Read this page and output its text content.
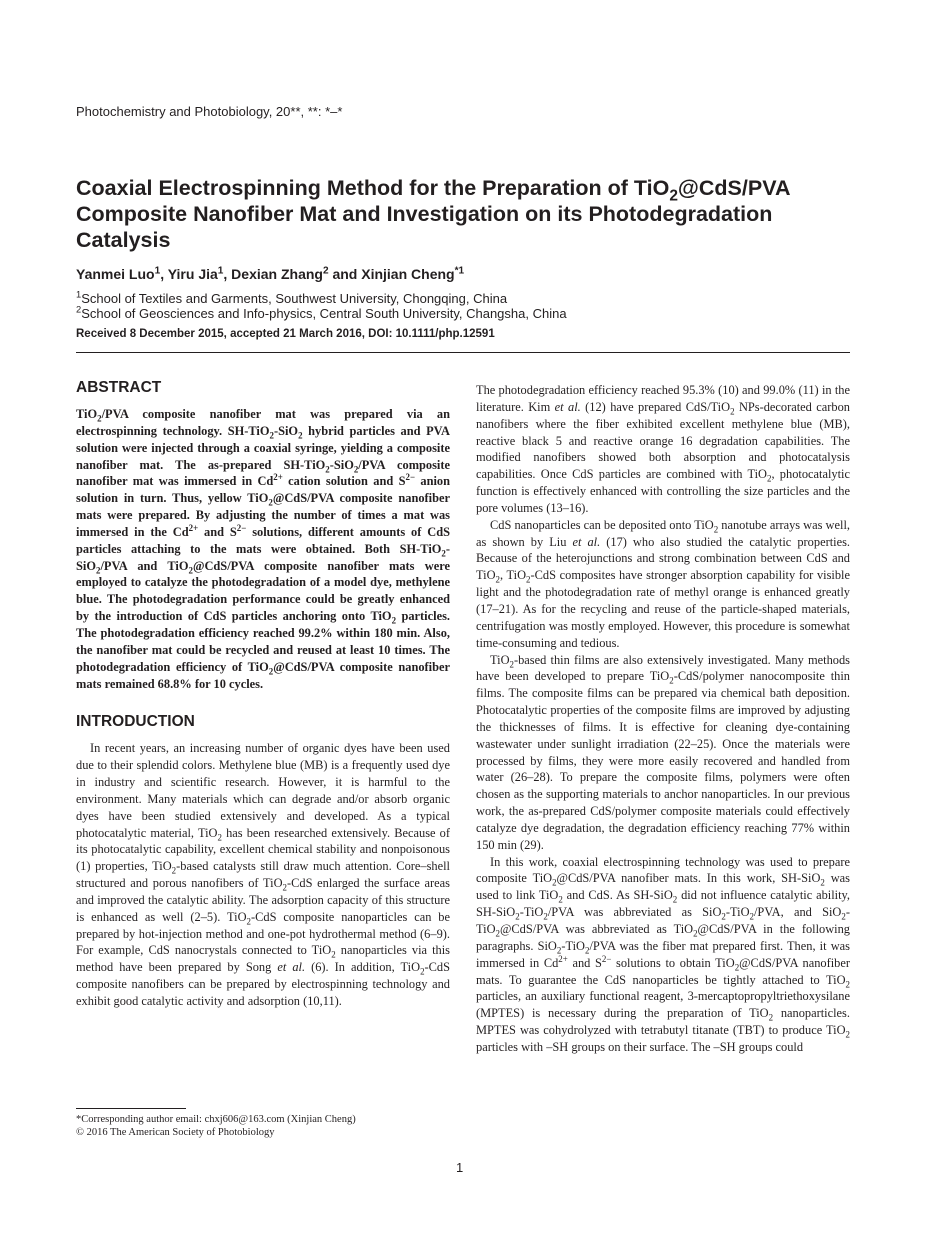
Photochemistry and Photobiology, 20**, **: *–*
Coaxial Electrospinning Method for the Preparation of TiO$_2$@CdS/PVA Composite Nanofiber Mat and Investigation on its Photodegradation Catalysis
Yanmei Luo$^1$, Yiru Jia$^1$, Dexian Zhang$^2$ and Xinjian Cheng$^{*1}$
$^1$School of Textiles and Garments, Southwest University, Chongqing, China
$^2$School of Geosciences and Info-physics, Central South University, Changsha, China
Received 8 December 2015, accepted 21 March 2016, DOI: 10.1111/php.12591
ABSTRACT

TiO$_2$/PVA composite nanofiber mat was prepared via an electrospinning technology. SH-TiO$_2$-SiO$_2$ hybrid particles and PVA solution were injected through a coaxial syringe, yielding a composite nanofiber mat. The as-prepared SH-TiO$_2$-SiO$_2$/PVA composite nanofiber mat was immersed in $Cd^{2+}$ cation solution and $S^{2-}$ anion solution in turn. Thus, yellow TiO$_2$@CdS/PVA composite nanofiber mats were prepared. By adjusting the number of times a mat was immersed in the $Cd^{2+}$ and $S^{2-}$ solutions, different amounts of CdS particles attaching to the mats were obtained. Both SH-TiO$_2$-SiO$_2$/PVA and TiO$_2$@CdS/PVA composite nanofiber mats were employed to catalyze the photodegradation of a model dye, methylene blue. The photodegradation performance could be greatly enhanced by the introduction of CdS particles anchoring onto TiO$_2$ particles. The photodegradation efficiency reached 99.2% within 180 min. Also, the nanofiber mat could be recycled and reused at least 10 times. The photodegradation efficiency of TiO$_2$@CdS/PVA composite nanofiber mats remained 68.8% for 10 cycles.

INTRODUCTION

In recent years, an increasing number of organic dyes have been used due to their splendid colors. Methylene blue (MB) is a frequently used dye in industry and scientific research. However, it is harmful to the environment. Many materials which can degrade and/or absorb organic dyes have been studied extensively and developed. As a typical photocatalytic material, TiO$_2$ has been researched extensively. Because of its photocatalytic capability, excellent chemical stability and nonpoisonous (1) properties, TiO$_2$-based catalysts still draw much attention. Core–shell structured and porous nanofibers of TiO$_2$-CdS enlarged the surface areas and improved the catalytic ability. The adsorption capacity of this structure is enhanced as well (2–5). TiO$_2$-CdS composite nanoparticles can be prepared by hot-injection method and one-pot hydrothermal method (6–9). For example, CdS nanocrystals connected to TiO$_2$ nanoparticles via this method have been prepared by Song et al. (6). In addition, TiO$_2$-CdS composite nanofibers can be prepared by electrospinning technology and exhibit good catalytic activity and adsorption (10,11).

The photodegradation efficiency reached 95.3% (10) and 99.0% (11) in the literature. Kim et al. (12) have prepared CdS/TiO$_2$ NPs-decorated carbon nanofibers where the fiber exhibited excellent methylene blue (MB), reactive black 5 and reactive orange 16 degradation capabilities. The modified nanofibers showed both absorption and photocatalysis capabilities. Once CdS particles are combined with TiO$_2$, photocatalytic function is effectively enhanced with controlling the size particles and the pore volumes (13–16).

CdS nanoparticles can be deposited onto TiO$_2$ nanotube arrays was well, as shown by Liu et al. (17) who also studied the catalytic properties. Because of the heterojunctions and strong combination between CdS and TiO$_2$, TiO$_2$-CdS composites have stronger absorption capability for visible light and the photodegradation rate of methyl orange is enhanced greatly (17–21). As for the recycling and reuse of the particle-shaped materials, centrifugation was mostly employed. However, this procedure is somewhat time-consuming and tedious.

TiO$_2$-based thin films are also extensively investigated. Many methods have been developed to prepare TiO$_2$-CdS/polymer nanocomposite thin films. The composite films can be prepared via chemical bath deposition. Photocatalytic properties of the composite films are improved by adjusting the thicknesses of films. It is effective for cleaning dye-containing wastewater under sunlight irradiation (22–25). Once the materials were processed by films, they were more easily recovered and handled from water (26–28). To prepare the composite films, polymers were often chosen as the supporting materials to anchor nanoparticles. In our previous work, the as-prepared CdS/polymer composite materials could effectively catalyze dye degradation, the degradation efficiency reaching 77% within 150 min (29).

In this work, coaxial electrospinning technology was used to prepare composite TiO$_2$@CdS/PVA nanofiber mats. In this work, SH-SiO$_2$ was used to link TiO$_2$ and CdS. As SH-SiO$_2$ did not influence catalytic ability, SH-SiO$_2$-TiO$_2$/PVA was abbreviated as SiO$_2$-TiO$_2$/PVA, and SiO$_2$-TiO$_2$@CdS/PVA was abbreviated as TiO$_2$@CdS/PVA in the following paragraphs. SiO$_2$-TiO$_2$/PVA was the fiber mat prepared first. Then, it was immersed in $Cd^{2+}$ and $S^{2-}$ solutions to obtain TiO$_2$@CdS/PVA nanofiber mats. To guarantee the CdS nanoparticles be tightly attached to TiO$_2$ particles, an auxiliary functional reagent, 3-mercaptopropyltriethoxysilane (MPTES) is necessary during the preparation of TiO$_2$ nanoparticles. MPTES was cohydrolyzed with tetrabutyl titanate (TBT) to produce TiO$_2$ particles with –SH groups on their surface. The –SH groups could

*Corresponding author email: chxj606@163.com (Xinjian Cheng)
© 2016 The American Society of Photobiology
1
